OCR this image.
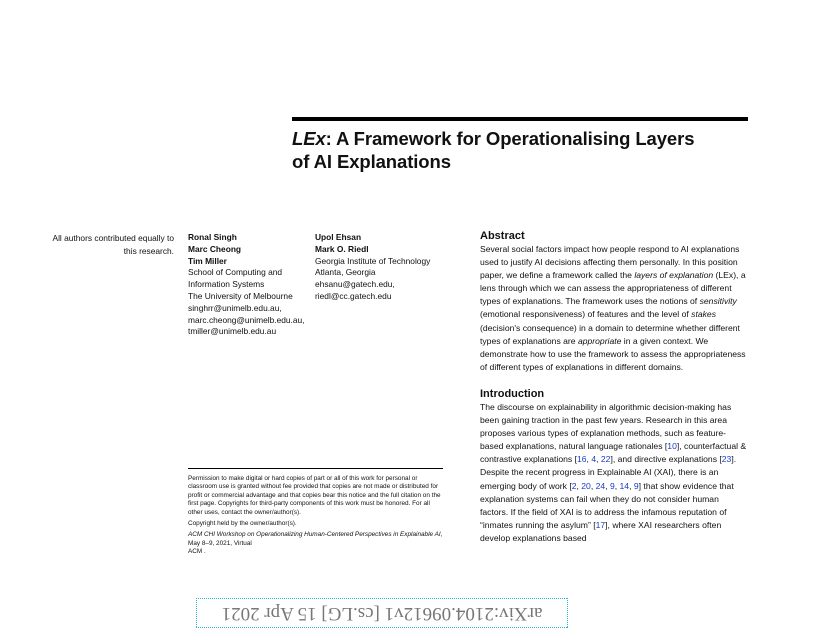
LEx: A Framework for Operationalising Layers
of AI Explanations
All authors contributed equally to this research.
Ronal Singh
Marc Cheong
Tim Miller
School of Computing and
Information Systems
The University of Melbourne
singhrr@unimelb.edu.au,
marc.cheong@unimelb.edu.au,
tmiller@unimelb.edu.au
Upol Ehsan
Mark O. Riedl
Georgia Institute of Technology
Atlanta, Georgia
ehsanu@gatech.edu,
riedl@cc.gatech.edu

Permission to make digital or hard copies of part or all of this work for personal or classroom use is granted without fee provided that copies are not made or distributed for profit or commercial advantage and that copies bear this notice and the full citation on the first page. Copyrights for third-party components of this work must be honored. For all other uses, contact the owner/author(s).

Copyright held by the owner/author(s).

ACM CHI Workshop on Operationalizing Human-Centered Perspectives in Explainable AI, May 8–9, 2021, Virtual
ACM .

Abstract

Several social factors impact how people respond to AI explanations used to justify AI decisions affecting them personally. In this position paper, we define a framework called the layers of explanation (LEx), a lens through which we can assess the appropriateness of different types of explanations. The framework uses the notions of sensitivity (emotional responsiveness) of features and the level of stakes (decision's consequence) in a domain to determine whether different types of explanations are appropriate in a given context. We demonstrate how to use the framework to assess the appropriateness of different types of explanations in different domains.

Introduction

The discourse on explainability in algorithmic decision-making has been gaining traction in the past few years. Research in this area proposes various types of explanation methods, such as feature-based explanations, natural language rationales [10], counterfactual & contrastive explanations [16, 4, 22], and directive explanations [23]. Despite the recent progress in Explainable AI (XAI), there is an emerging body of work [2, 20, 24, 9, 14, 9] that show evidence that explanation systems can fail when they do not consider human factors. If the field of XAI is to address the infamous reputation of “inmates running the asylum” [17], where XAI researchers often develop explanations based

arXiv:2104.09612v1 [cs.LG] 15 Apr 2021
